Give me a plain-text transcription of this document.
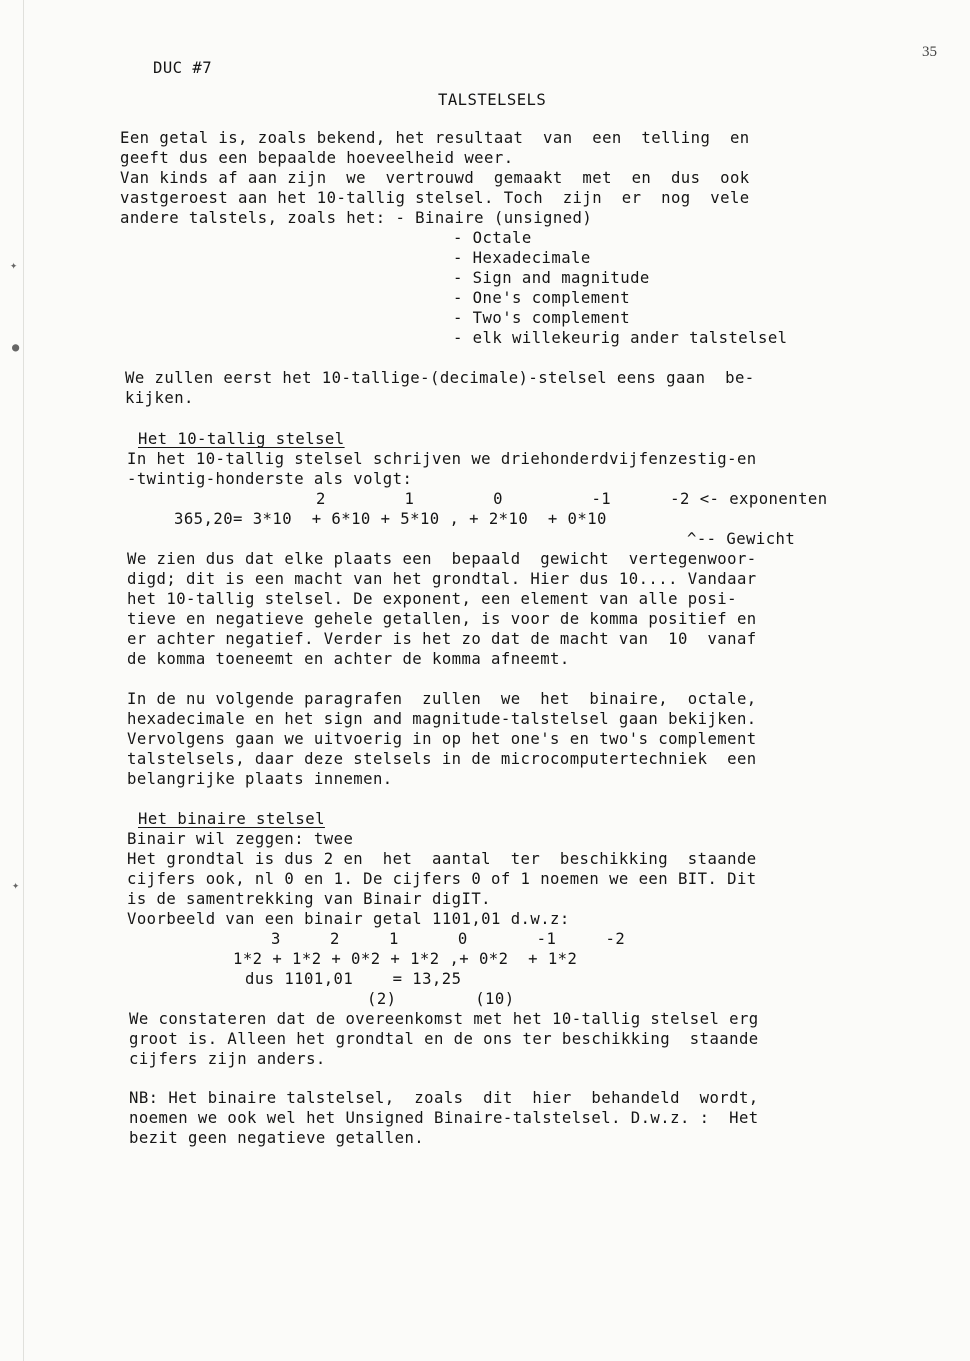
✦
●
✦
35
DUC #7
TALSTELSELS
Een getal is, zoals bekend, het resultaat  van  een  telling  en
geeft dus een bepaalde hoeveelheid weer.
Van kinds af aan zijn  we  vertrouwd  gemaakt  met  en  dus  ook
vastgeroest aan het 10-tallig stelsel. Toch  zijn  er  nog  vele
andere talstels, zoals het: - Binaire (unsigned)
- Octale
- Hexadecimale
- Sign and magnitude
- One's complement
- Two's complement
- elk willekeurig ander talstelsel
We zullen eerst het 10-tallige-(decimale)-stelsel eens gaan  be-
kijken.
Het 10-tallig stelsel
In het 10-tallig stelsel schrijven we driehonderdvijfenzestig-en
-twintig-honderste als volgt:
2        1        0         -1      -2 <- exponenten
365,20= 3*10  + 6*10 + 5*10 , + 2*10  + 0*10
^-- Gewicht
We zien dus dat elke plaats een  bepaald  gewicht  vertegenwoor-
digd; dit is een macht van het grondtal. Hier dus 10.... Vandaar
het 10-tallig stelsel. De exponent, een element van alle posi-
tieve en negatieve gehele getallen, is voor de komma positief en
er achter negatief. Verder is het zo dat de macht van  10  vanaf
de komma toeneemt en achter de komma afneemt.
In de nu volgende paragrafen  zullen  we  het  binaire,  octale,
hexadecimale en het sign and magnitude-talstelsel gaan bekijken.
Vervolgens gaan we uitvoerig in op het one's en two's complement
talstelsels, daar deze stelsels in de microcomputertechniek  een
belangrijke plaats innemen.
Het binaire stelsel
Binair wil zeggen: twee
Het grondtal is dus 2 en  het  aantal  ter  beschikking  staande
cijfers ook, nl 0 en 1. De cijfers 0 of 1 noemen we een BIT. Dit
is de samentrekking van Binair digIT.
Voorbeeld van een binair getal 1101,01 d.w.z:
3     2     1      0       -1     -2
1*2 + 1*2 + 0*2 + 1*2 ,+ 0*2  + 1*2
dus 1101,01    = 13,25
(2)        (10)
We constateren dat de overeenkomst met het 10-tallig stelsel erg
groot is. Alleen het grondtal en de ons ter beschikking  staande
cijfers zijn anders.
NB: Het binaire talstelsel,  zoals  dit  hier  behandeld  wordt,
noemen we ook wel het Unsigned Binaire-talstelsel. D.w.z. :  Het
bezit geen negatieve getallen.
